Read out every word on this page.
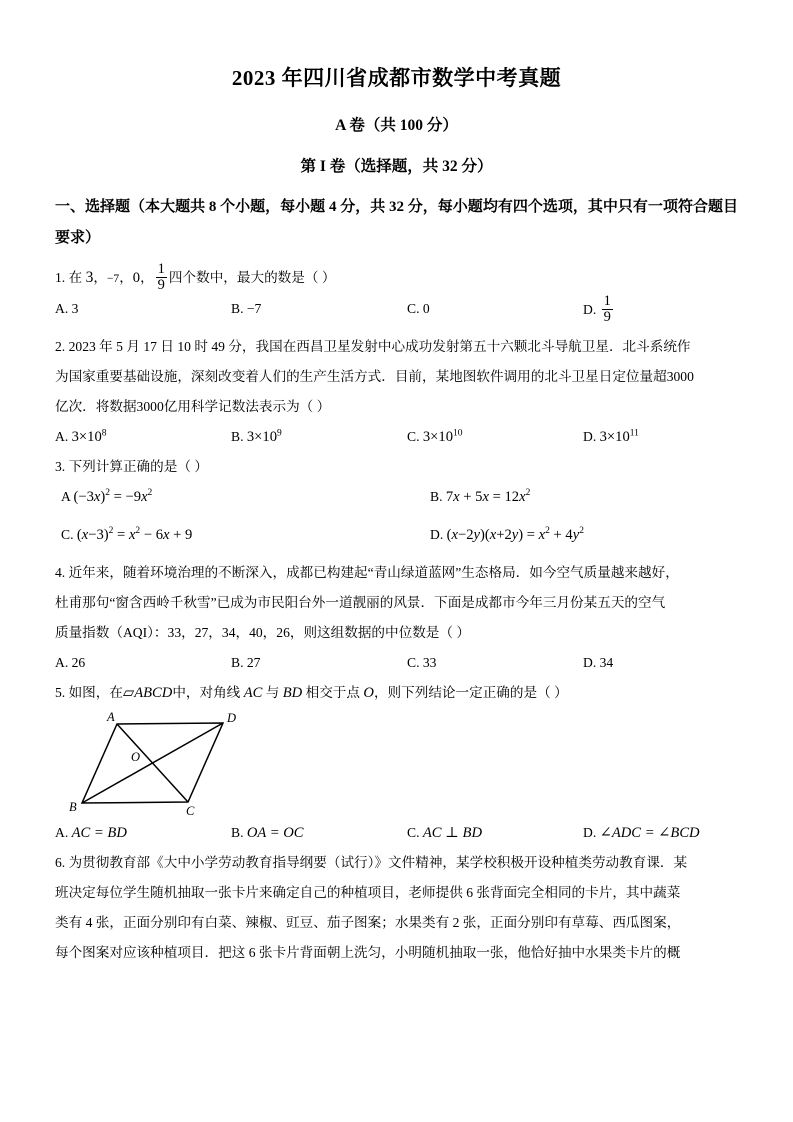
2023 年四川省成都市数学中考真题
A 卷（共 100 分）
第 I 卷（选择题，共 32 分）
一、选择题（本大题共 8 个小题，每小题 4 分，共 32 分，每小题均有四个选项，其中只有一项符合题目要求）
1. 在 3，−7，0， $\frac{1}{9}$ 四个数中，最大的数是（ ）
A. 3	B. −7	C. 0	D. $\frac{1}{9}$
2. 2023 年 5 月 17 日 10 时 49 分，我国在西昌卫星发射中心成功发射第五十六颗北斗导航卫星．北斗系统作
为国家重要基础设施，深刻改变着人们的生产生活方式．目前，某地图软件调用的北斗卫星日定位量超3000
亿次．将数据3000亿用科学记数法表示为（ ）
A. $3\times 10^8$	B. $3\times 10^9$	C. $3\times 10^{10}$	D. $3\times 10^{11}$
3. 下列计算正确的是（ ）
A $(-3x)^2 = -9x^2$	B. $7x + 5x = 12x^2$
C. $(x-3)^2 = x^2 - 6x + 9$	D. $(x-2y)(x+2y) = x^2 + 4y^2$
4. 近年来，随着环境治理的不断深入，成都已构建起“青山绿道蓝网”生态格局．如今空气质量越来越好，
杜甫那句“窗含西岭千秋雪”已成为市民阳台外一道靓丽的风景．下面是成都市今年三月份某五天的空气
质量指数（AQI）：33，27，34，40，26，则这组数据的中位数是（ ）
A. 26	B. 27	C. 33	D. 34
5. 如图，在▱ABCD中，对角线 AC 与 BD 相交于点 O，则下列结论一定正确的是（ ）
A
B	C
D
O
A. AC = BD	B. OA = OC	C. AC ⊥ BD	D. ∠ADC = ∠BCD
6. 为贯彻教育部《大中小学劳动教育指导纲要（试行）》文件精神，某学校积极开设种植类劳动教育课．某
班决定每位学生随机抽取一张卡片来确定自己的种植项目，老师提供 6 张背面完全相同的卡片，其中蔬菜
类有 4 张，正面分别印有白菜、辣椒、豇豆、茄子图案；水果类有 2 张，正面分别印有草莓、西瓜图案，
每个图案对应该种植项目．把这 6 张卡片背面朝上洗匀，小明随机抽取一张，他恰好抽中水果类卡片的概
